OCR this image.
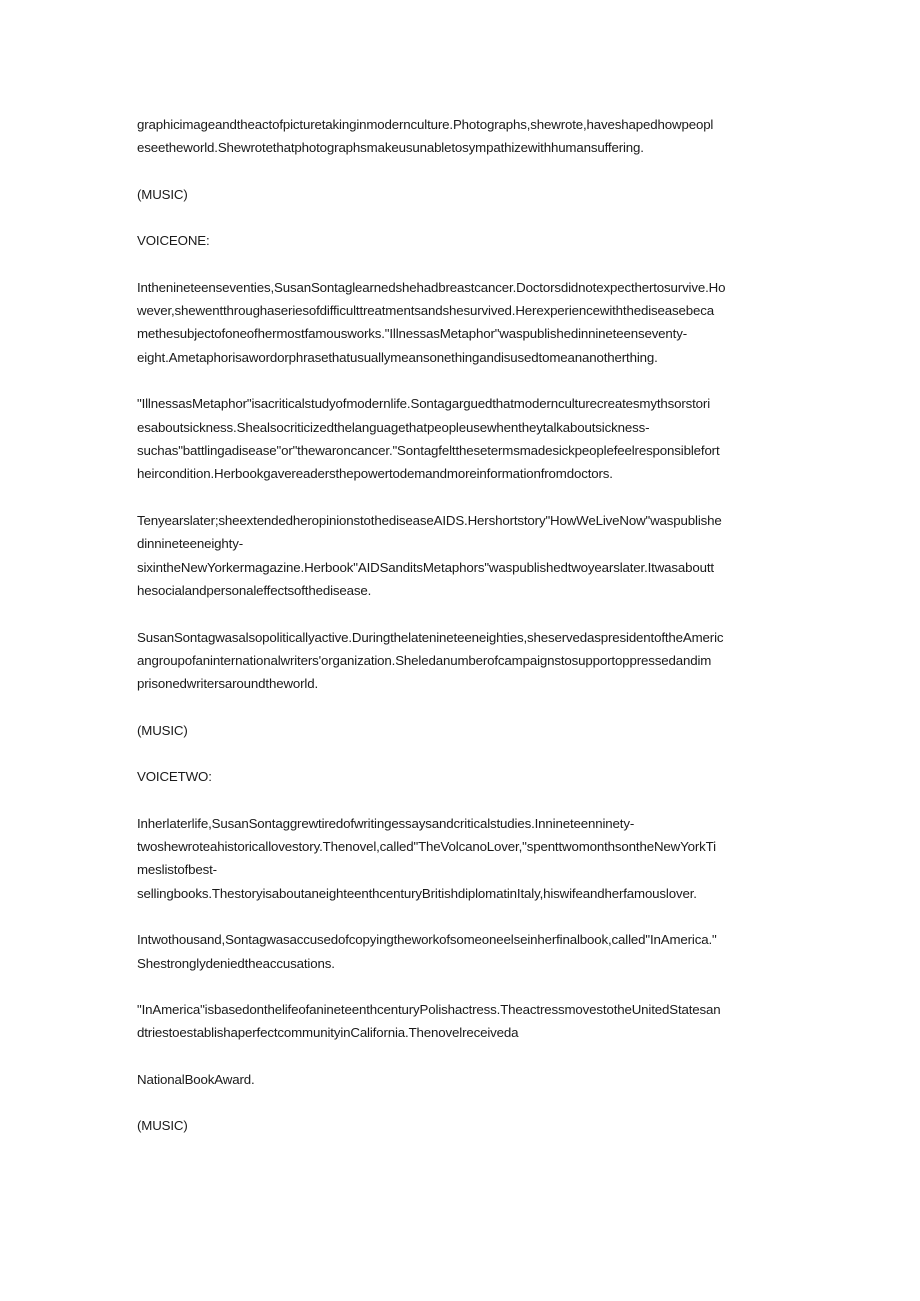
graphicimageandtheactofpicturetakinginmodernculture.Photographs,shewrote,haveshapedhowpeopl
eseetheworld.Shewrotethatphotographsmakeusunabletosympathizewithhumansuffering.

(MUSIC)

VOICEONE:

Inthenineteenseventies,SusanSontaglearnedshehadbreastcancer.Doctorsdidnotexpecthertosurvive.Ho
wever,shewentthroughaseriesofdifficulttreatmentsandshesurvived.Herexperiencewiththediseasebeca
methesubjectofoneofhermostfamousworks."IllnessasMetaphor"waspublishedinnineteenseventy-
eight.Ametaphorisawordorphrasethatusuallymeansonethingandisusedtomeananotherthing.

"IllnessasMetaphor"isacriticalstudyofmodernlife.Sontagarguedthatmodernculturecreatesmythsorstori
esaboutsickness.Shealsocriticizedthelanguagethatpeopleusewhentheytalkaboutsickness-
suchas"battlingadisease"or"thewaroncancer."Sontagfeltthesetermsmadesickpeoplefeelresponsiblefort
heircondition.Herbookgavereadersthepowertodemandmoreinformationfromdoctors.

Tenyearslater;sheextendedheropinionstothediseaseAIDS.Hershortstory"HowWeLiveNow"waspublishe
dinnineteeneighty-
sixintheNewYorkermagazine.Herbook"AIDSanditsMetaphors"waspublishedtwoyearslater.Itwasaboutt
hesocialandpersonaleffectsofthedisease.

SusanSontagwasalsopoliticallyactive.Duringthelatenineteeneighties,sheservedaspresidentoftheAmeric
angroupofaninternationalwriters'organization.Sheledanumberofcampaignstosupportoppressedandim
prisonedwritersaroundtheworld.

(MUSIC)

VOICETWO:

Inherlaterlife,SusanSontaggrewtiredofwritingessaysandcriticalstudies.Innineteenninety-
twoshewroteahistoricallovestory.Thenovel,called"TheVolcanoLover,"spenttwomonthsontheNewYorkTi
meslistofbest-
sellingbooks.ThestoryisaboutaneighteenthcenturyBritishdiplomatinItaly,hiswifeandherfamouslover.

Intwothousand,Sontagwasaccusedofcopyingtheworkofsomeoneelseinherfinalbook,called"InAmerica."
Shestronglydeniedtheaccusations.

"InAmerica"isbasedonthelifeofanineteenthcenturyPolishactress.TheactressmovestotheUnitedStatesan
dtriestoestablishaperfectcommunityinCalifornia.Thenovelreceiveda

NationalBookAward.

(MUSIC)
